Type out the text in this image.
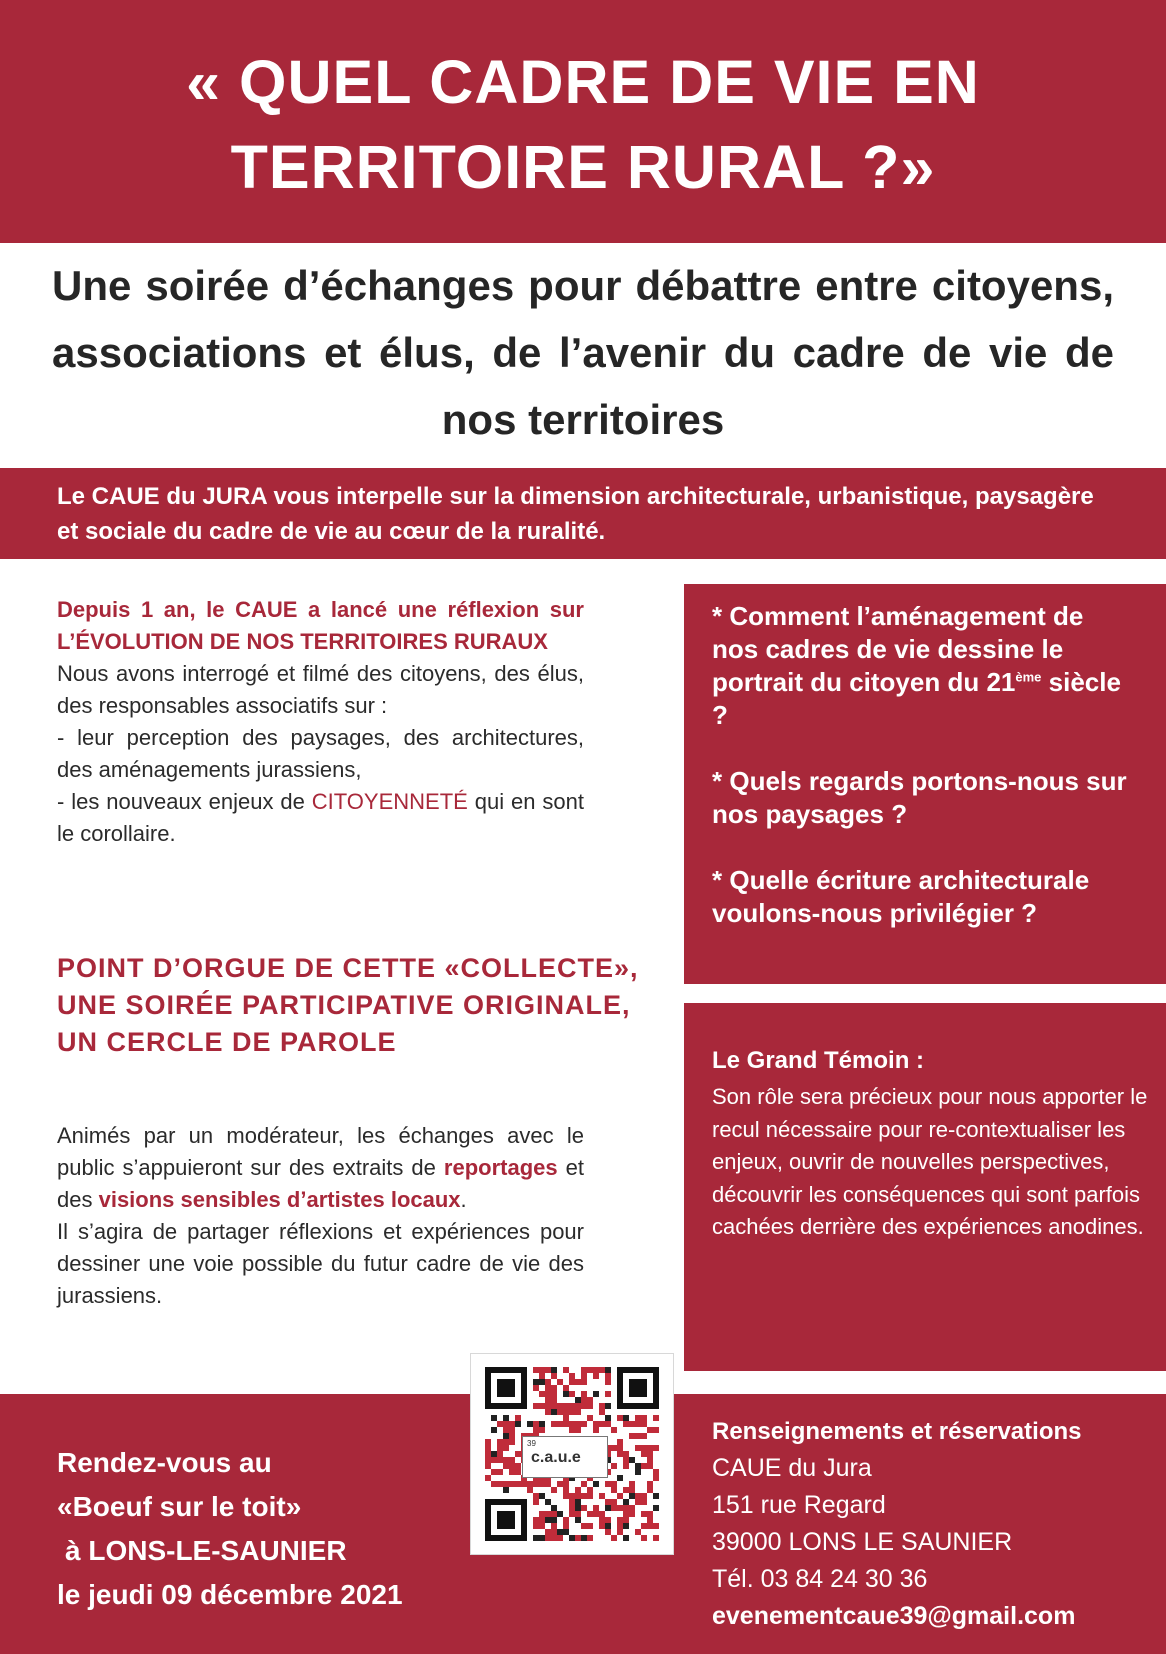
« QUEL CADRE DE VIE EN
TERRITOIRE RURAL ?»
Une soirée d’échanges pour débattre entre citoyens, associations et élus, de l’avenir du cadre de vie de nos territoires
Le CAUE du JURA vous interpelle sur la dimension architecturale, urbanistique, paysagère et sociale du cadre de vie au cœur de la ruralité.

Depuis 1 an, le CAUE a lancé une réflexion sur L’ÉVOLUTION DE NOS TERRITOIRES RURAUX

Nous avons interrogé et filmé des citoyens, des élus, des responsables associatifs sur :

- leur perception des paysages, des architectures, des aménagements jurassiens,

- les nouveaux enjeux de CITOYENNETÉ qui en sont le corollaire.

POINT D’ORGUE DE CETTE «COLLECTE»,
UNE SOIRÉE PARTICIPATIVE ORIGINALE,
UN CERCLE DE PAROLE

Animés par un modérateur, les échanges avec le public s’appuieront sur des extraits de reportages et des visions sensibles d’artistes locaux.

Il s’agira de partager réflexions et expériences pour dessiner une voie possible du futur cadre de vie des jurassiens.

* Comment l’aménagement de nos cadres de vie dessine le portrait du citoyen du 21ème siècle ?

* Quels regards portons-nous sur nos paysages ?

* Quelle écriture architecturale voulons-nous privilégier ?

Le Grand Témoin :
Son rôle sera précieux pour nous apporter le recul nécessaire pour re-contextualiser les enjeux, ouvrir de nouvelles perspectives, découvrir les conséquences qui sont parfois cachées derrière des expériences anodines.
Rendez-vous au
«Boeuf sur le toit»
à LONS-LE-SAUNIER
le jeudi 09 décembre 2021
Renseignements et réservations
CAUE du Jura
151 rue Regard
39000 LONS LE SAUNIER
Tél. 03 84 24 30 36
evenementcaue39@gmail.com
39
c.a.u.e
